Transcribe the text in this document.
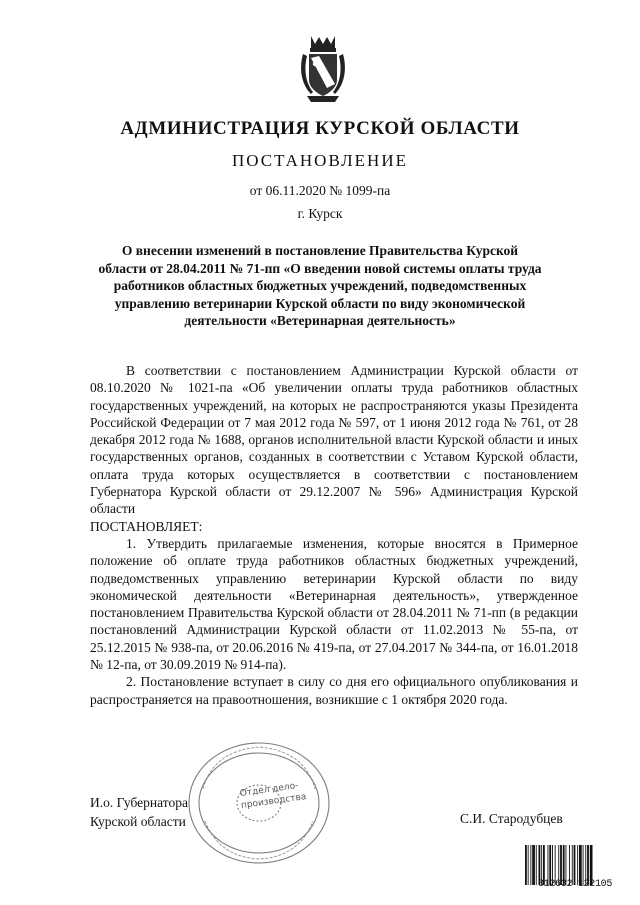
АДМИНИСТРАЦИЯ КУРСКОЙ ОБЛАСТИ
ПОСТАНОВЛЕНИЕ
от 06.11.2020 № 1099-па
г. Курск
О внесении изменений в постановление Правительства Курской области от 28.04.2011 № 71-пп «О введении новой системы оплаты труда работников областных бюджетных учреждений, подведомственных управлению ветеринарии Курской области по виду экономической деятельности «Ветеринарная деятельность»

В соответствии с постановлением Администрации Курской области от 08.10.2020 № 1021-па «Об увеличении оплаты труда работников областных государственных учреждений, на которых не распространяются указы Президента Российской Федерации от 7 мая 2012 года № 597, от 1 июня 2012 года № 761, от 28 декабря 2012 года № 1688, органов исполнительной власти Курской области и иных государственных органов, созданных в соответствии с Уставом Курской области, оплата труда которых осуществляется в соответствии с постановлением Губернатора Курской области от 29.12.2007 № 596» Администрация Курской области

ПОСТАНОВЛЯЕТ:

1. Утвердить прилагаемые изменения, которые вносятся в Примерное положение об оплате труда работников областных бюджетных учреждений, подведомственных управлению ветеринарии Курской области по виду экономической деятельности «Ветеринарная деятельность», утвержденное постановлением Правительства Курской области от 28.04.2011 № 71-пп (в редакции постановлений Администрации Курской области от 11.02.2013 № 55-па, от 25.12.2015 № 938-па, от 20.06.2016 № 419-па, от 27.04.2017 № 344-па, от 16.01.2018 № 12-па, от 30.09.2019 № 914-па).

2. Постановление вступает в силу со дня его официального опубликования и распространяется на правоотношения, возникшие с 1 октября 2020 года.

И.о. Губернатора
Курской области	С.И. Стародубцев
Отдел дело- производства
312632 122105
